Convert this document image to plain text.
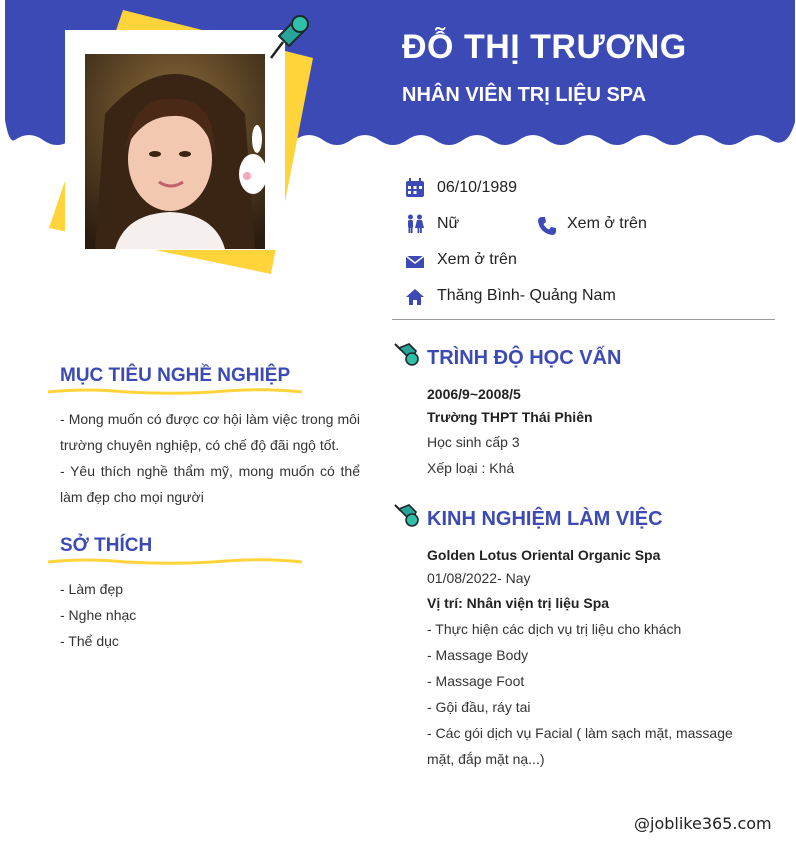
ĐỖ THỊ TRƯƠNG
NHÂN VIÊN TRỊ LIỆU SPA
06/10/1989
Nữ	Xem ở trên
Xem ở trên
Thăng Bình- Quảng Nam
MỤC TIÊU NGHỀ NGHIỆP

- Mong muốn có được cơ hội làm việc trong môi trường chuyên nghiệp, có chế độ đãi ngộ tốt.

- Yêu thích nghề thẩm mỹ, mong muốn có thể làm đẹp cho mọi người

SỞ THÍCH

- Làm đẹp

- Nghe nhạc

- Thể dục

TRÌNH ĐỘ HỌC VẤN

2006/9~2008/5

Trường THPT Thái Phiên

Học sinh cấp 3

Xếp loại : Khá

KINH NGHIỆM LÀM VIỆC

Golden Lotus Oriental Organic Spa

01/08/2022- Nay

Vị trí: Nhân viện trị liệu Spa

- Thực hiện các dịch vụ trị liệu cho khách

- Massage Body

- Massage Foot

- Gội đầu, ráy tai

- Các gói dịch vụ Facial ( làm sạch mặt, massage

mặt, đắp mặt nạ...)

@joblike365.com
